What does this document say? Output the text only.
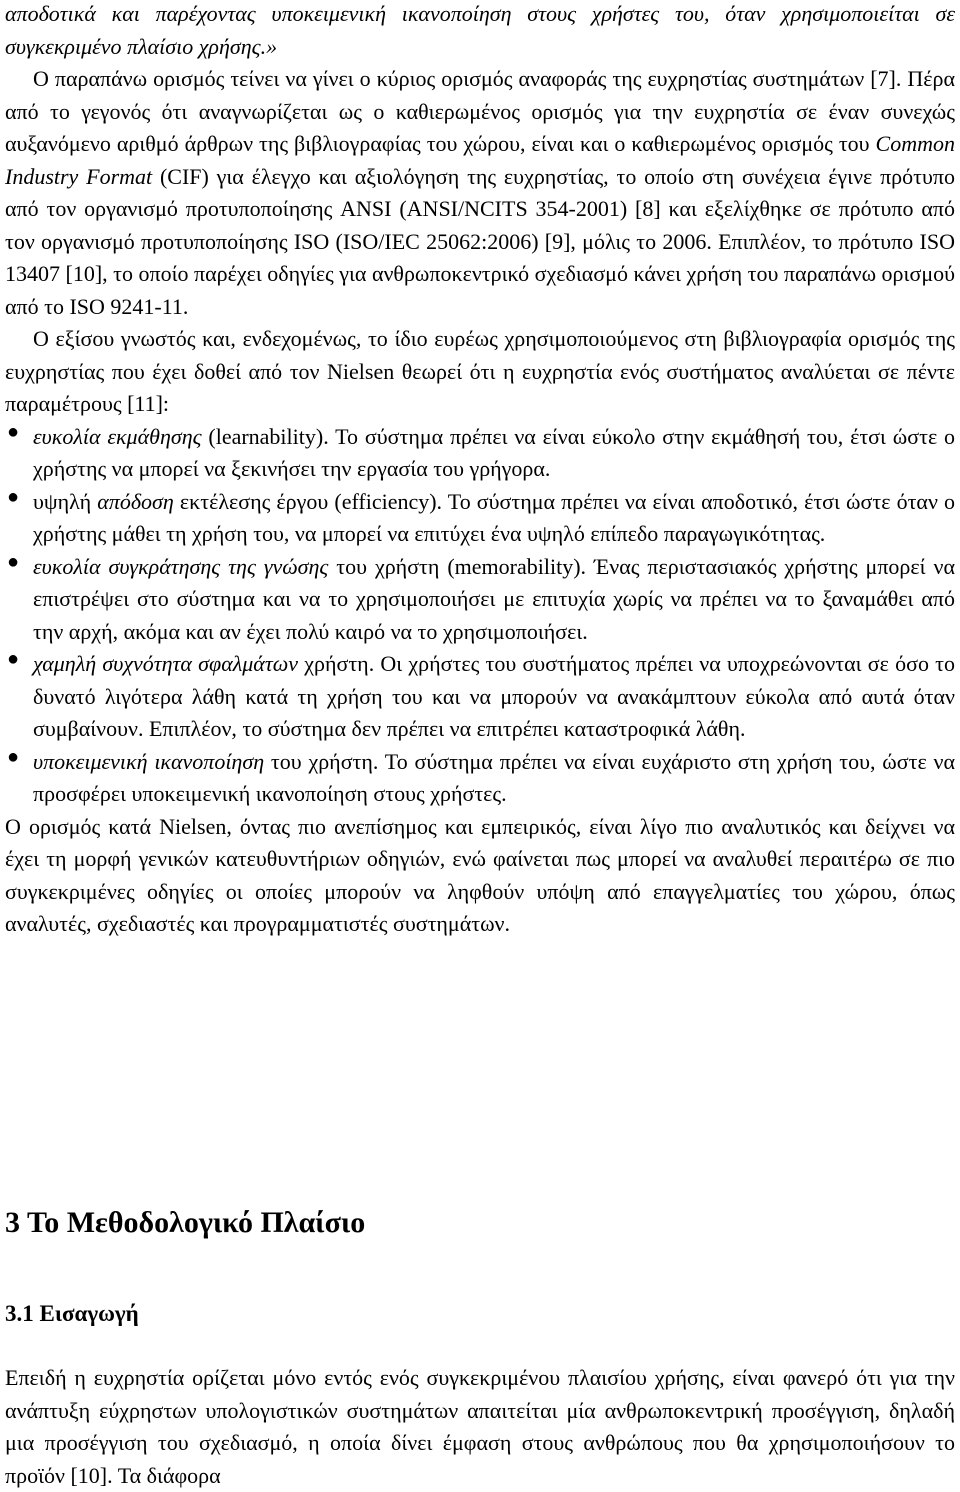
αποδοτικά και παρέχοντας υποκειμενική ικανοποίηση στους χρήστες του, όταν χρησιμοποιείται σε συγκεκριμένο πλαίσιο χρήσης.»

Ο παραπάνω ορισμός τείνει να γίνει ο κύριος ορισμός αναφοράς της ευχρηστίας συστημάτων [7]. Πέρα από το γεγονός ότι αναγνωρίζεται ως ο καθιερωμένος ορισμός για την ευχρηστία σε έναν συνεχώς αυξανόμενο αριθμό άρθρων της βιβλιογραφίας του χώρου, είναι και ο καθιερωμένος ορισμός του Common Industry Format (CIF) για έλεγχο και αξιολόγηση της ευχρηστίας, το οποίο στη συνέχεια έγινε πρότυπο από τον οργανισμό προτυποποίησης ANSI (ANSI/NCITS 354-2001) [8] και εξελίχθηκε σε πρότυπο από τον οργανισμό προτυποποίησης ISO (ISO/IEC 25062:2006) [9], μόλις το 2006. Επιπλέον, το πρότυπο ISO 13407 [10], το οποίο παρέχει οδηγίες για ανθρωποκεντρικό σχεδιασμό κάνει χρήση του παραπάνω ορισμού από το ISO 9241-11.

Ο εξίσου γνωστός και, ενδεχομένως, το ίδιο ευρέως χρησιμοποιούμενος στη βιβλιογραφία ορισμός της ευχρηστίας που έχει δοθεί από τον Nielsen θεωρεί ότι η ευχρηστία ενός συστήματος αναλύεται σε πέντε παραμέτρους [11]:

● ευκολία εκμάθησης (learnability). Το σύστημα πρέπει να είναι εύκολο στην εκμάθησή του, έτσι ώστε ο χρήστης να μπορεί να ξεκινήσει την εργασία του γρήγορα.

● υψηλή απόδοση εκτέλεσης έργου (efficiency). Το σύστημα πρέπει να είναι αποδοτικό, έτσι ώστε όταν ο χρήστης μάθει τη χρήση του, να μπορεί να επιτύχει ένα υψηλό επίπεδο παραγωγικότητας.

● ευκολία συγκράτησης της γνώσης του χρήστη (memorability). Ένας περιστασιακός χρήστης μπορεί να επιστρέψει στο σύστημα και να το χρησιμοποιήσει με επιτυχία χωρίς να πρέπει να το ξαναμάθει από την αρχή, ακόμα και αν έχει πολύ καιρό να το χρησιμοποιήσει.

● χαμηλή συχνότητα σφαλμάτων χρήστη. Οι χρήστες του συστήματος πρέπει να υποχρεώνονται σε όσο το δυνατό λιγότερα λάθη κατά τη χρήση του και να μπορούν να ανακάμπτουν εύκολα από αυτά όταν συμβαίνουν. Επιπλέον, το σύστημα δεν πρέπει να επιτρέπει καταστροφικά λάθη.

● υποκειμενική ικανοποίηση του χρήστη. Το σύστημα πρέπει να είναι ευχάριστο στη χρήση του, ώστε να προσφέρει υποκειμενική ικανοποίηση στους χρήστες.

Ο ορισμός κατά Nielsen, όντας πιο ανεπίσημος και εμπειρικός, είναι λίγο πιο αναλυτικός και δείχνει να έχει τη μορφή γενικών κατευθυντήριων οδηγιών, ενώ φαίνεται πως μπορεί να αναλυθεί περαιτέρω σε πιο συγκεκριμένες οδηγίες οι οποίες μπορούν να ληφθούν υπόψη από επαγγελματίες του χώρου, όπως αναλυτές, σχεδιαστές και προγραμματιστές συστημάτων.

3 Το Μεθοδολογικό Πλαίσιο
3.1 Εισαγωγή

Επειδή η ευχρηστία ορίζεται μόνο εντός ενός συγκεκριμένου πλαισίου χρήσης, είναι φανερό ότι για την ανάπτυξη εύχρηστων υπολογιστικών συστημάτων απαιτείται μία ανθρωποκεντρική προσέγγιση, δηλαδή μια προσέγγιση του σχεδιασμό, η οποία δίνει έμφαση στους ανθρώπους που θα χρησιμοποιήσουν το προϊόν [10]. Τα διάφορα
